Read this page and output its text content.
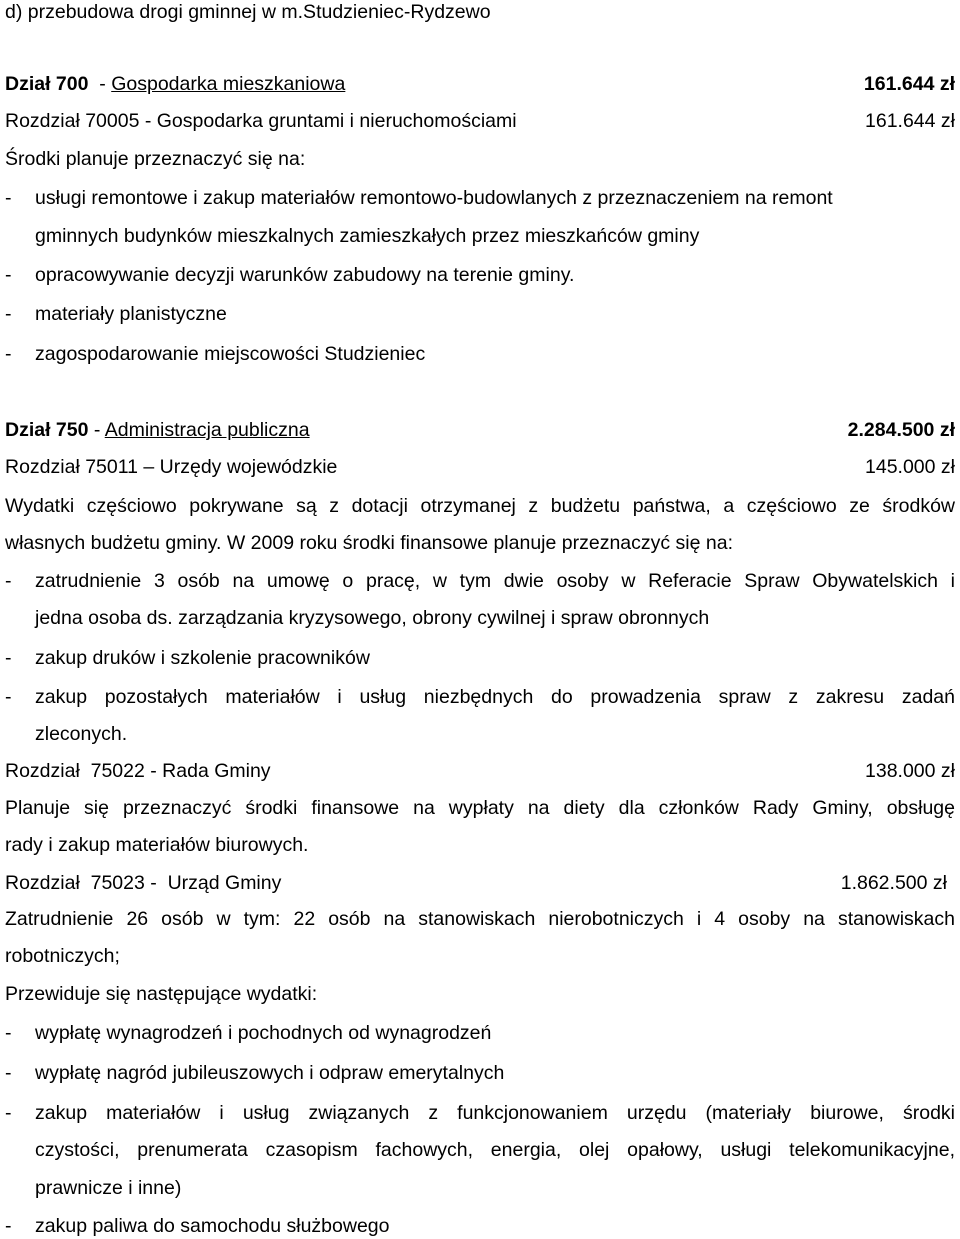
d) przebudowa drogi gminnej w m.Studzieniec-Rydzewo
Dział 700  - Gospodarka mieszkaniowa	161.644 zł
Rozdział 70005 - Gospodarka gruntami i nieruchomościami	161.644 zł
Środki planuje przeznaczyć się na:
-	usługi remontowe i zakup materiałów remontowo-budowlanych z przeznaczeniem na remont
gminnych budynków mieszkalnych zamieszkałych przez mieszkańców gminy
-	opracowywanie decyzji warunków zabudowy na terenie gminy.
-	materiały planistyczne
-	zagospodarowanie miejscowości Studzieniec
Dział 750 - Administracja publiczna	2.284.500 zł
Rozdział 75011 – Urzędy wojewódzkie	145.000 zł
Wydatki częściowo pokrywane są z dotacji otrzymanej z budżetu państwa, a częściowo ze środków
własnych budżetu gminy. W 2009 roku środki finansowe planuje przeznaczyć się na:
-	zatrudnienie 3 osób na umowę o pracę, w tym dwie osoby w Referacie Spraw Obywatelskich i
jedna osoba ds. zarządzania kryzysowego, obrony cywilnej i spraw obronnych
-	zakup druków i szkolenie pracowników
-	zakup pozostałych materiałów i usług niezbędnych do prowadzenia spraw z zakresu zadań
zleconych.
Rozdział  75022 - Rada Gminy	138.000 zł
Planuje się przeznaczyć środki finansowe na wypłaty na diety dla członków Rady Gminy, obsługę
rady i zakup materiałów biurowych.
Rozdział  75023 -  Urząd Gminy	1.862.500 zł
Zatrudnienie 26 osób w tym: 22 osób na stanowiskach nierobotniczych i 4 osoby na stanowiskach
robotniczych;
Przewiduje się następujące wydatki:
-	wypłatę wynagrodzeń i pochodnych od wynagrodzeń
-	wypłatę nagród jubileuszowych i odpraw emerytalnych
-	zakup materiałów i usług związanych z funkcjonowaniem urzędu (materiały biurowe, środki
czystości, prenumerata czasopism fachowych, energia, olej opałowy, usługi telekomunikacyjne,
prawnicze i inne)
-	zakup paliwa do samochodu służbowego
